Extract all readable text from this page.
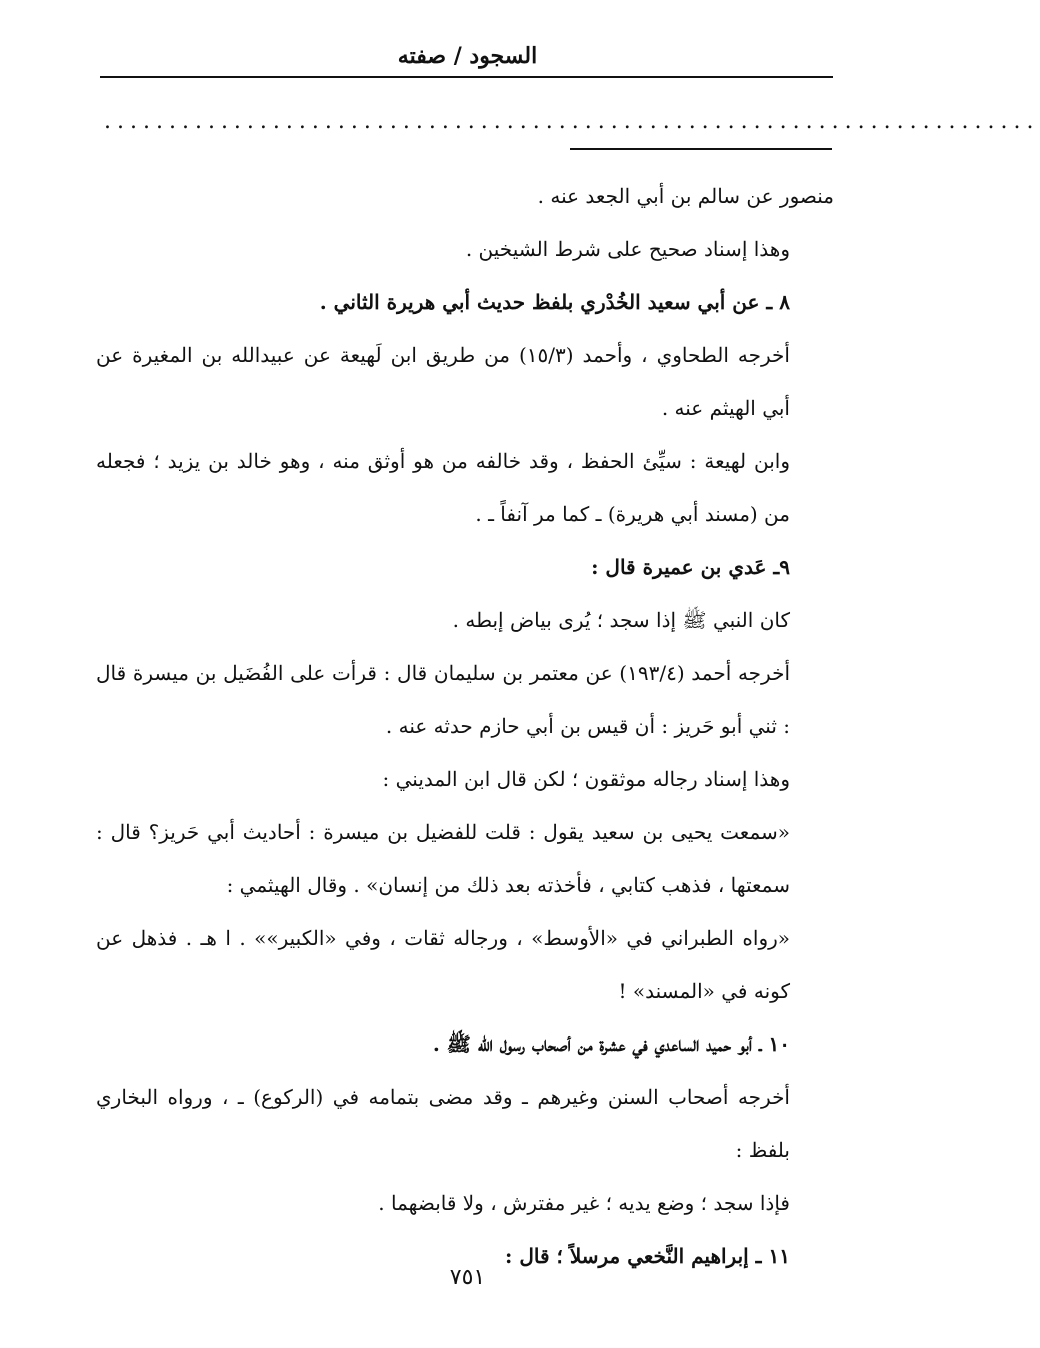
السجود / صفته
........................................................................

منصور عن سالم بن أبي الجعد عنه .

وهذا إسناد صحيح على شرط الشيخين .

٨ ـ عن أبي سعيد الخُدْري بلفظ حديث أبي هريرة الثاني .

أخرجه الطحاوي ، وأحمد (١٥/٣) من طريق ابن لَهيعة عن عبيدالله بن المغيرة عن أبي الهيثم عنه .

وابن لهيعة : سيِّئ الحفظ ، وقد خالفه من هو أوثق منه ، وهو خالد بن يزيد ؛ فجعله من (مسند أبي هريرة) ـ كما مر آنفاً ـ .

٩ـ عَدي بن عميرة قال :

كان النبي ﷺ إذا سجد ؛ يُرى بياض إبطه .

أخرجه أحمد (١٩٣/٤) عن معتمر بن سليمان قال : قرأت على الفُضَيل بن ميسرة قال : ثني أبو حَريز : أن قيس بن أبي حازم حدثه عنه .

وهذا إسناد رجاله موثقون ؛ لكن قال ابن المديني :

«سمعت يحيى بن سعيد يقول : قلت للفضيل بن ميسرة : أحاديث أبي حَريز؟ قال : سمعتها ، فذهب كتابي ، فأخذته بعد ذلك من إنسان» . وقال الهيثمي :

«رواه الطبراني في «الأوسط» ، ورجاله ثقات ، وفي «الكبير»» . ا هـ . فذهل عن كونه في «المسند» !

١٠ ـ أبو حميد الساعدي في عشرة من أصحاب رسول الله ﷺ .

أخرجه أصحاب السنن وغيرهم ـ وقد مضى بتمامه في (الركوع) ـ ، ورواه البخاري بلفظ :

فإذا سجد ؛ وضع يديه ؛ غير مفترش ، ولا قابضهما .

١١ ـ إبراهيم النَّخعي مرسلاً ؛ قال :

٧٥١
